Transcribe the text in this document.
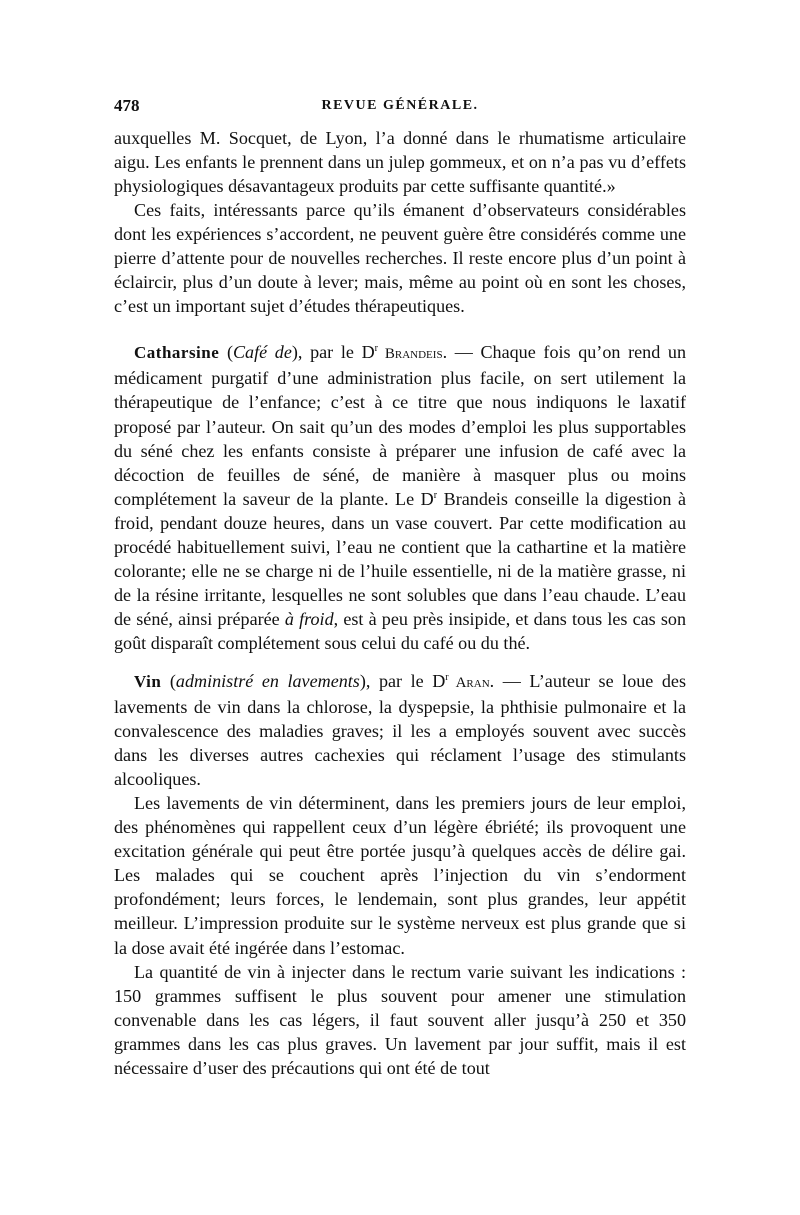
478	REVUE GÉNÉRALE.

auxquelles M. Socquet, de Lyon, l’a donné dans le rhumatisme articulaire aigu. Les enfants le prennent dans un julep gommeux, et on n’a pas vu d’effets physiologiques désavantageux produits par cette suffisante quantité.»

Ces faits, intéressants parce qu’ils émanent d’observateurs considérables dont les expériences s’accordent, ne peuvent guère être considérés comme une pierre d’attente pour de nouvelles recherches. Il reste encore plus d’un point à éclaircir, plus d’un doute à lever; mais, même au point où en sont les choses, c’est un important sujet d’études thérapeutiques.

Catharsine (Café de), par le $D^r$ Brandeis. — Chaque fois qu’on rend un médicament purgatif d’une administration plus facile, on sert utilement la thérapeutique de l’enfance; c’est à ce titre que nous indiquons le laxatif proposé par l’auteur. On sait qu’un des modes d’emploi les plus supportables du séné chez les enfants consiste à préparer une infusion de café avec la décoction de feuilles de séné, de manière à masquer plus ou moins complétement la saveur de la plante. Le $D^r$ Brandeis conseille la digestion à froid, pendant douze heures, dans un vase couvert. Par cette modification au procédé habituellement suivi, l’eau ne contient que la cathartine et la matière colorante; elle ne se charge ni de l’huile essentielle, ni de la matière grasse, ni de la résine irritante, lesquelles ne sont solubles que dans l’eau chaude. L’eau de séné, ainsi préparée à froid, est à peu près insipide, et dans tous les cas son goût disparaît complétement sous celui du café ou du thé.

Vin (administré en lavements), par le $D^r$ Aran. — L’auteur se loue des lavements de vin dans la chlorose, la dyspepsie, la phthisie pulmonaire et la convalescence des maladies graves; il les a employés souvent avec succès dans les diverses autres cachexies qui réclament l’usage des stimulants alcooliques.

Les lavements de vin déterminent, dans les premiers jours de leur emploi, des phénomènes qui rappellent ceux d’un légère ébriété; ils provoquent une excitation générale qui peut être portée jusqu’à quelques accès de délire gai. Les malades qui se couchent après l’injection du vin s’endorment profondément; leurs forces, le lendemain, sont plus grandes, leur appétit meilleur. L’impression produite sur le système nerveux est plus grande que si la dose avait été ingérée dans l’estomac.

La quantité de vin à injecter dans le rectum varie suivant les indications : 150 grammes suffisent le plus souvent pour amener une stimulation convenable dans les cas légers, il faut souvent aller jusqu’à 250 et 350 grammes dans les cas plus graves. Un lavement par jour suffit, mais il est nécessaire d’user des précautions qui ont été de tout
